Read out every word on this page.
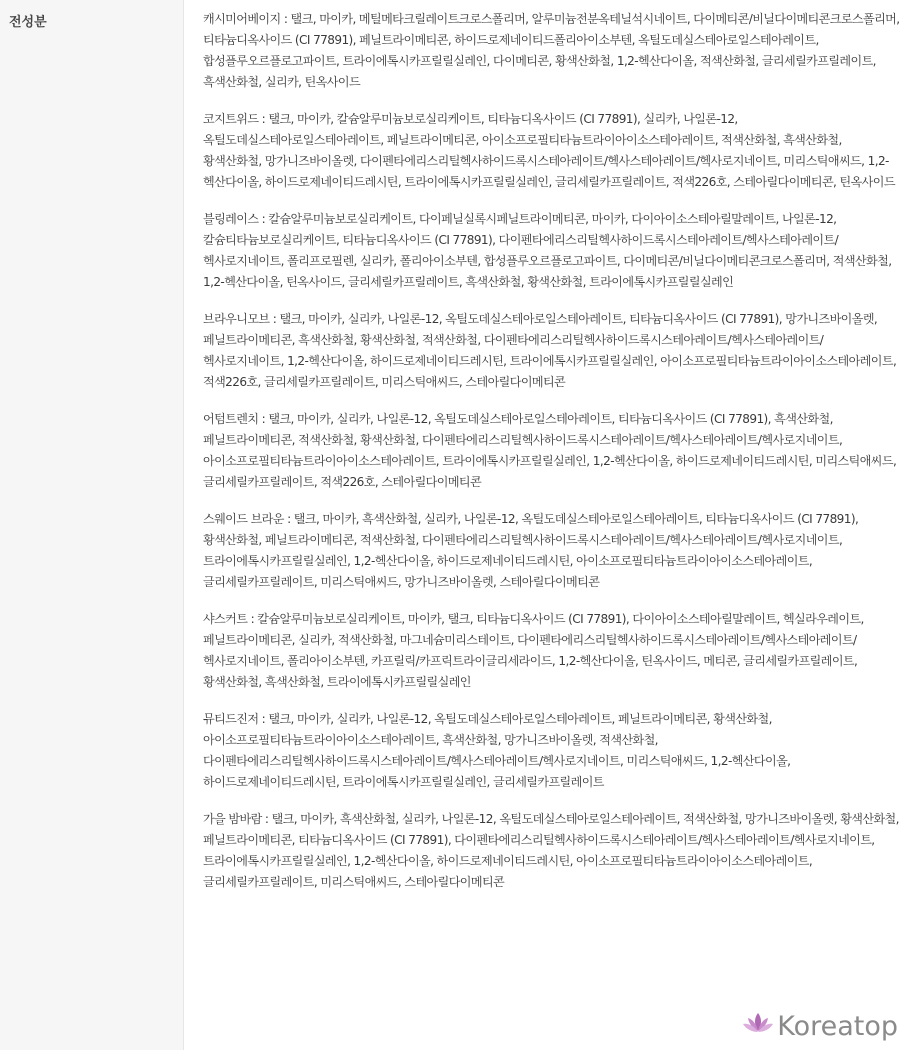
전성분	캐시미어베이지 : 탤크, 마이카, 메틸메타크릴레이트크로스폴리머, 알루미늄전분옥테닐석시네이트, 다이메티콘/비닐다이메티콘크로스폴리머, 티타늄디옥사이드 (CI 77891), 페닐트라이메티콘, 하이드로제네이티드폴리아이소부텐, 옥틸도데실스테아로일스테아레이트, 합성플루오르플로고파이트, 트라이에톡시카프릴릴실레인, 다이메티콘, 황색산화철, 1,2-헥산다이올, 적색산화철, 글리세릴카프릴레이트, 흑색산화철, 실리카, 틴옥사이드

코지트위드 : 탤크, 마이카, 칼슘알루미늄보로실리케이트, 티타늄디옥사이드 (CI 77891), 실리카, 나일론-12, 옥틸도데실스테아로일스테아레이트, 페닐트라이메티콘, 아이소프로필티타늄트라이아이소스테아레이트, 적색산화철, 흑색산화철, 황색산화철, 망가니즈바이올렛, 다이펜타에리스리틸헥사하이드록시스테아레이트/헥사스테아레이트/헥사로지네이트, 미리스틱애씨드, 1,2-헥산다이올, 하이드로제네이티드레시틴, 트라이에톡시카프릴릴실레인, 글리세릴카프릴레이트, 적색226호, 스테아릴다이메티콘, 틴옥사이드

블링레이스 : 칼슘알루미늄보로실리케이트, 다이페닐실록시페닐트라이메티콘, 마이카, 다이아이소스테아릴말레이트, 나일론-12, 칼슘티타늄보로실리케이트, 티타늄디옥사이드 (CI 77891), 다이펜타에리스리틸헥사하이드록시스테아레이트/헥사스테아레이트/헥사로지네이트, 폴리프로필렌, 실리카, 폴리아이소부텐, 합성플루오르플로고파이트, 다이메티콘/비닐다이메티콘크로스폴리머, 적색산화철, 1,2-헥산다이올, 틴옥사이드, 글리세릴카프릴레이트, 흑색산화철, 황색산화철, 트라이에톡시카프릴릴실레인

브라우니모브 : 탤크, 마이카, 실리카, 나일론-12, 옥틸도데실스테아로일스테아레이트, 티타늄디옥사이드 (CI 77891), 망가니즈바이올렛, 페닐트라이메티콘, 흑색산화철, 황색산화철, 적색산화철, 다이펜타에리스리틸헥사하이드록시스테아레이트/헥사스테아레이트/헥사로지네이트, 1,2-헥산다이올, 하이드로제네이티드레시틴, 트라이에톡시카프릴릴실레인, 아이소프로필티타늄트라이아이소스테아레이트, 적색226호, 글리세릴카프릴레이트, 미리스틱애씨드, 스테아릴다이메티콘

어텀트렌치 : 탤크, 마이카, 실리카, 나일론-12, 옥틸도데실스테아로일스테아레이트, 티타늄디옥사이드 (CI 77891), 흑색산화철, 페닐트라이메티콘, 적색산화철, 황색산화철, 다이펜타에리스리틸헥사하이드록시스테아레이트/헥사스테아레이트/헥사로지네이트, 아이소프로필티타늄트라이아이소스테아레이트, 트라이에톡시카프릴릴실레인, 1,2-헥산다이올, 하이드로제네이티드레시틴, 미리스틱애씨드, 글리세릴카프릴레이트, 적색226호, 스테아릴다이메티콘

스웨이드 브라운 : 탤크, 마이카, 흑색산화철, 실리카, 나일론-12, 옥틸도데실스테아로일스테아레이트, 티타늄디옥사이드 (CI 77891), 황색산화철, 페닐트라이메티콘, 적색산화철, 다이펜타에리스리틸헥사하이드록시스테아레이트/헥사스테아레이트/헥사로지네이트, 트라이에톡시카프릴릴실레인, 1,2-헥산다이올, 하이드로제네이티드레시틴, 아이소프로필티타늄트라이아이소스테아레이트, 글리세릴카프릴레이트, 미리스틱애씨드, 망가니즈바이올렛, 스테아릴다이메티콘

샤스커트 : 칼슘알루미늄보로실리케이트, 마이카, 탤크, 티타늄디옥사이드 (CI 77891), 다이아이소스테아릴말레이트, 헥실라우레이트, 페닐트라이메티콘, 실리카, 적색산화철, 마그네슘미리스테이트, 다이펜타에리스리틸헥사하이드록시스테아레이트/헥사스테아레이트/헥사로지네이트, 폴리아이소부텐, 카프릴릭/카프릭트라이글리세라이드, 1,2-헥산다이올, 틴옥사이드, 메티콘, 글리세릴카프릴레이트, 황색산화철, 흑색산화철, 트라이에톡시카프릴릴실레인

뮤티드진저 : 탤크, 마이카, 실리카, 나일론-12, 옥틸도데실스테아로일스테아레이트, 페닐트라이메티콘, 황색산화철, 아이소프로필티타늄트라이아이소스테아레이트, 흑색산화철, 망가니즈바이올렛, 적색산화철, 다이펜타에리스리틸헥사하이드록시스테아레이트/헥사스테아레이트/헥사로지네이트, 미리스틱애씨드, 1,2-헥산다이올, 하이드로제네이티드레시틴, 트라이에톡시카프릴릴실레인, 글리세릴카프릴레이트

가을 밤바람 : 탤크, 마이카, 흑색산화철, 실리카, 나일론-12, 옥틸도데실스테아로일스테아레이트, 적색산화철, 망가니즈바이올렛, 황색산화철, 페닐트라이메티콘, 티타늄디옥사이드 (CI 77891), 다이펜타에리스리틸헥사하이드록시스테아레이트/헥사스테아레이트/헥사로지네이트, 트라이에톡시카프릴릴실레인, 1,2-헥산다이올, 하이드로제네이티드레시틴, 아이소프로필티타늄트라이아이소스테아레이트, 글리세릴카프릴레이트, 미리스틱애씨드, 스테아릴다이메티콘

Koreatop
